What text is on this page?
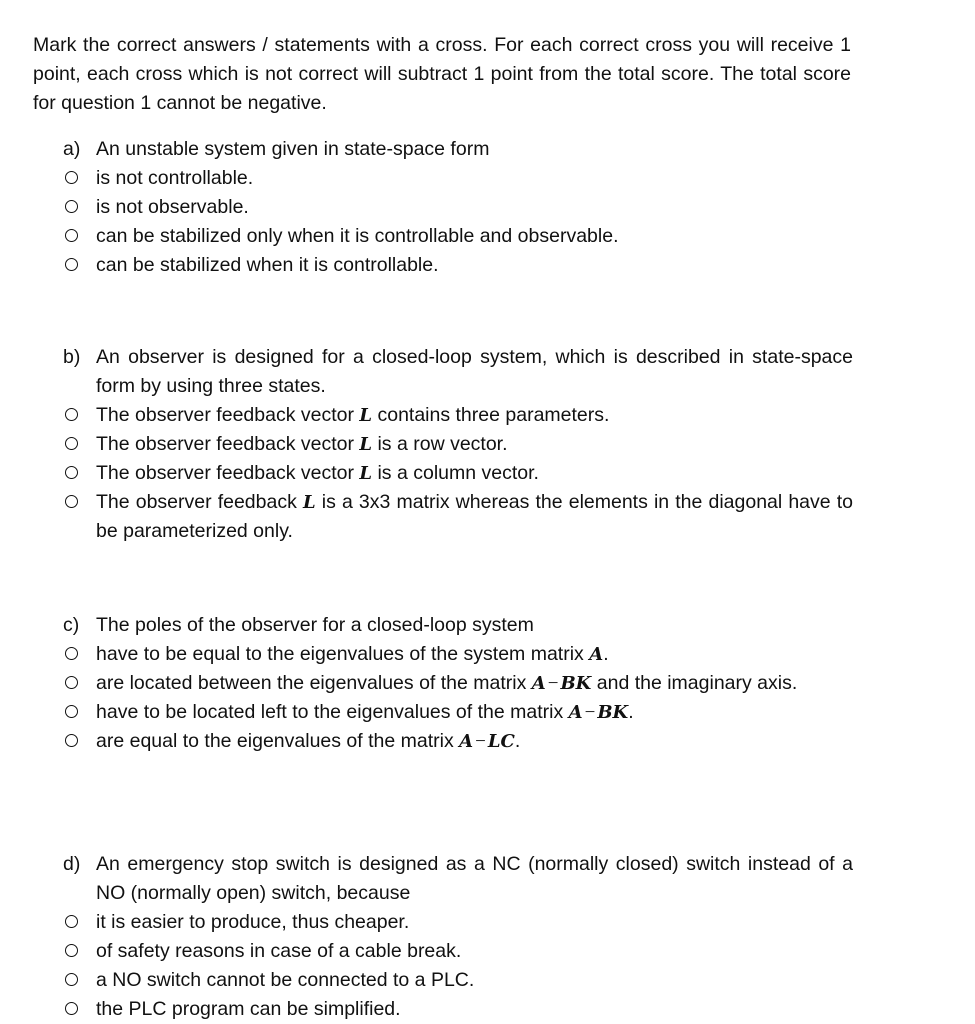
Mark the correct answers / statements with a cross. For each correct cross you will receive 1 point, each cross which is not correct will subtract 1 point from the total score. The total score for question 1 cannot be negative.
a) An unstable system given in state-space form
is not controllable.
is not observable.
can be stabilized only when it is controllable and observable.
can be stabilized when it is controllable.
b) An observer is designed for a closed-loop system, which is described in state-space form by using three states.
The observer feedback vector L contains three parameters.
The observer feedback vector L is a row vector.
The observer feedback vector L is a column vector.
The observer feedback L is a 3x3 matrix whereas the elements in the diagonal have to be parameterized only.
c) The poles of the observer for a closed-loop system
have to be equal to the eigenvalues of the system matrix A.
are located between the eigenvalues of the matrix A − BK and the imaginary axis.
have to be located left to the eigenvalues of the matrix A − BK.
are equal to the eigenvalues of the matrix A − LC.
d) An emergency stop switch is designed as a NC (normally closed) switch instead of a NO (normally open) switch, because
it is easier to produce, thus cheaper.
of safety reasons in case of a cable break.
a NO switch cannot be connected to a PLC.
the PLC program can be simplified.
